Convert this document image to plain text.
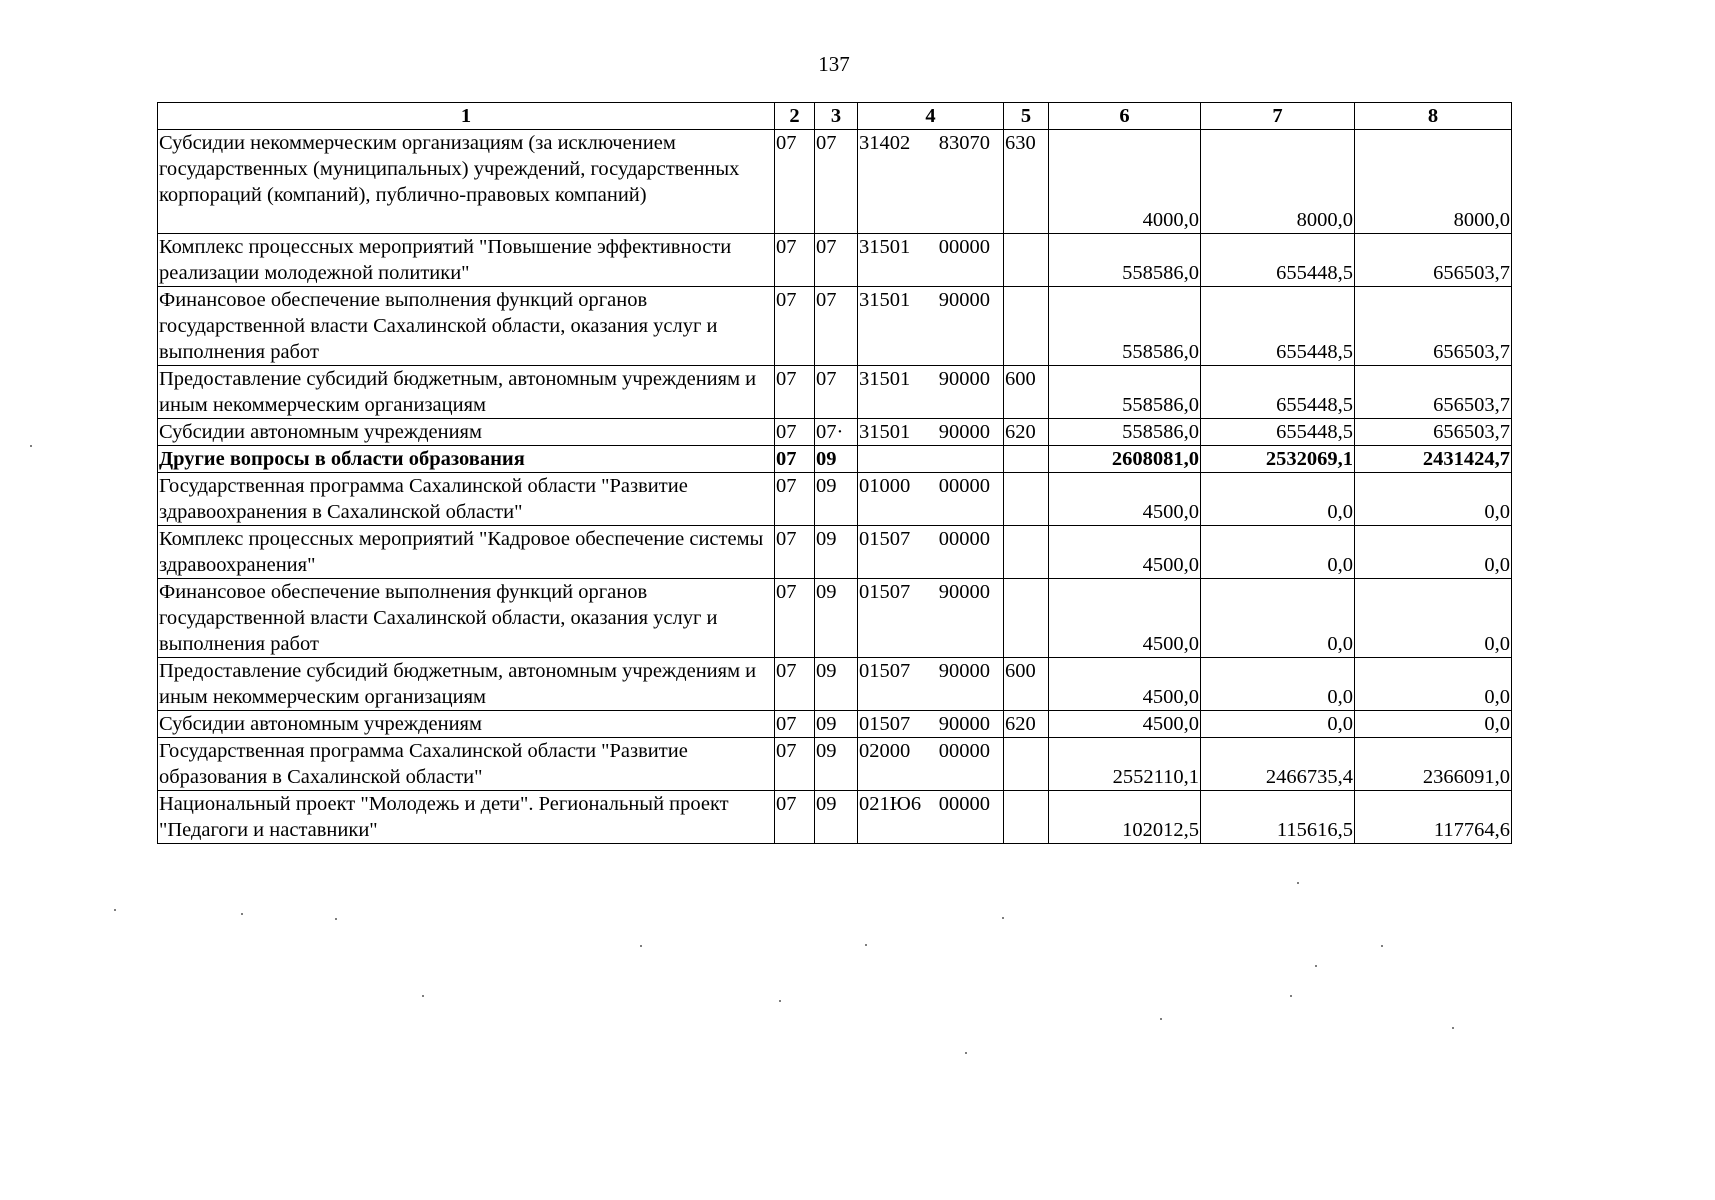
137
1	2	3	4	5	6	7	8
Субсидии некоммерческим организациям (за исключением государственных (муниципальных) учреждений, государственных корпораций (компаний), публично-правовых компаний)	07	07	31402 83070	630	4000,0	8000,0	8000,0
Комплекс процессных мероприятий "Повышение эффективности реализации молодежной политики"	07	07	31501 00000		558586,0	655448,5	656503,7
Финансовое обеспечение выполнения функций органов государственной власти Сахалинской области, оказания услуг и выполнения работ	07	07	31501 90000		558586,0	655448,5	656503,7
Предоставление субсидий бюджетным, автономным учреждениям и иным некоммерческим организациям	07	07	31501 90000	600	558586,0	655448,5	656503,7
Субсидии автономным учреждениям	07	07·	31501 90000	620	558586,0	655448,5	656503,7
Другие вопросы в области образования	07	09			2608081,0	2532069,1	2431424,7
Государственная программа Сахалинской области "Развитие здравоохранения в Сахалинской области"	07	09	01000 00000		4500,0	0,0	0,0
Комплекс процессных мероприятий "Кадровое обеспечение системы здравоохранения"	07	09	01507 00000		4500,0	0,0	0,0
Финансовое обеспечение выполнения функций органов государственной власти Сахалинской области, оказания услуг и выполнения работ	07	09	01507 90000		4500,0	0,0	0,0
Предоставление субсидий бюджетным, автономным учреждениям и иным некоммерческим организациям	07	09	01507 90000	600	4500,0	0,0	0,0
Субсидии автономным учреждениям	07	09	01507 90000	620	4500,0	0,0	0,0
Государственная программа Сахалинской области "Развитие образования в Сахалинской области"	07	09	02000 00000		2552110,1	2466735,4	2366091,0
Национальный проект "Молодежь и дети". Региональный проект "Педагоги и наставники"	07	09	021Ю6 00000		102012,5	115616,5	117764,6
